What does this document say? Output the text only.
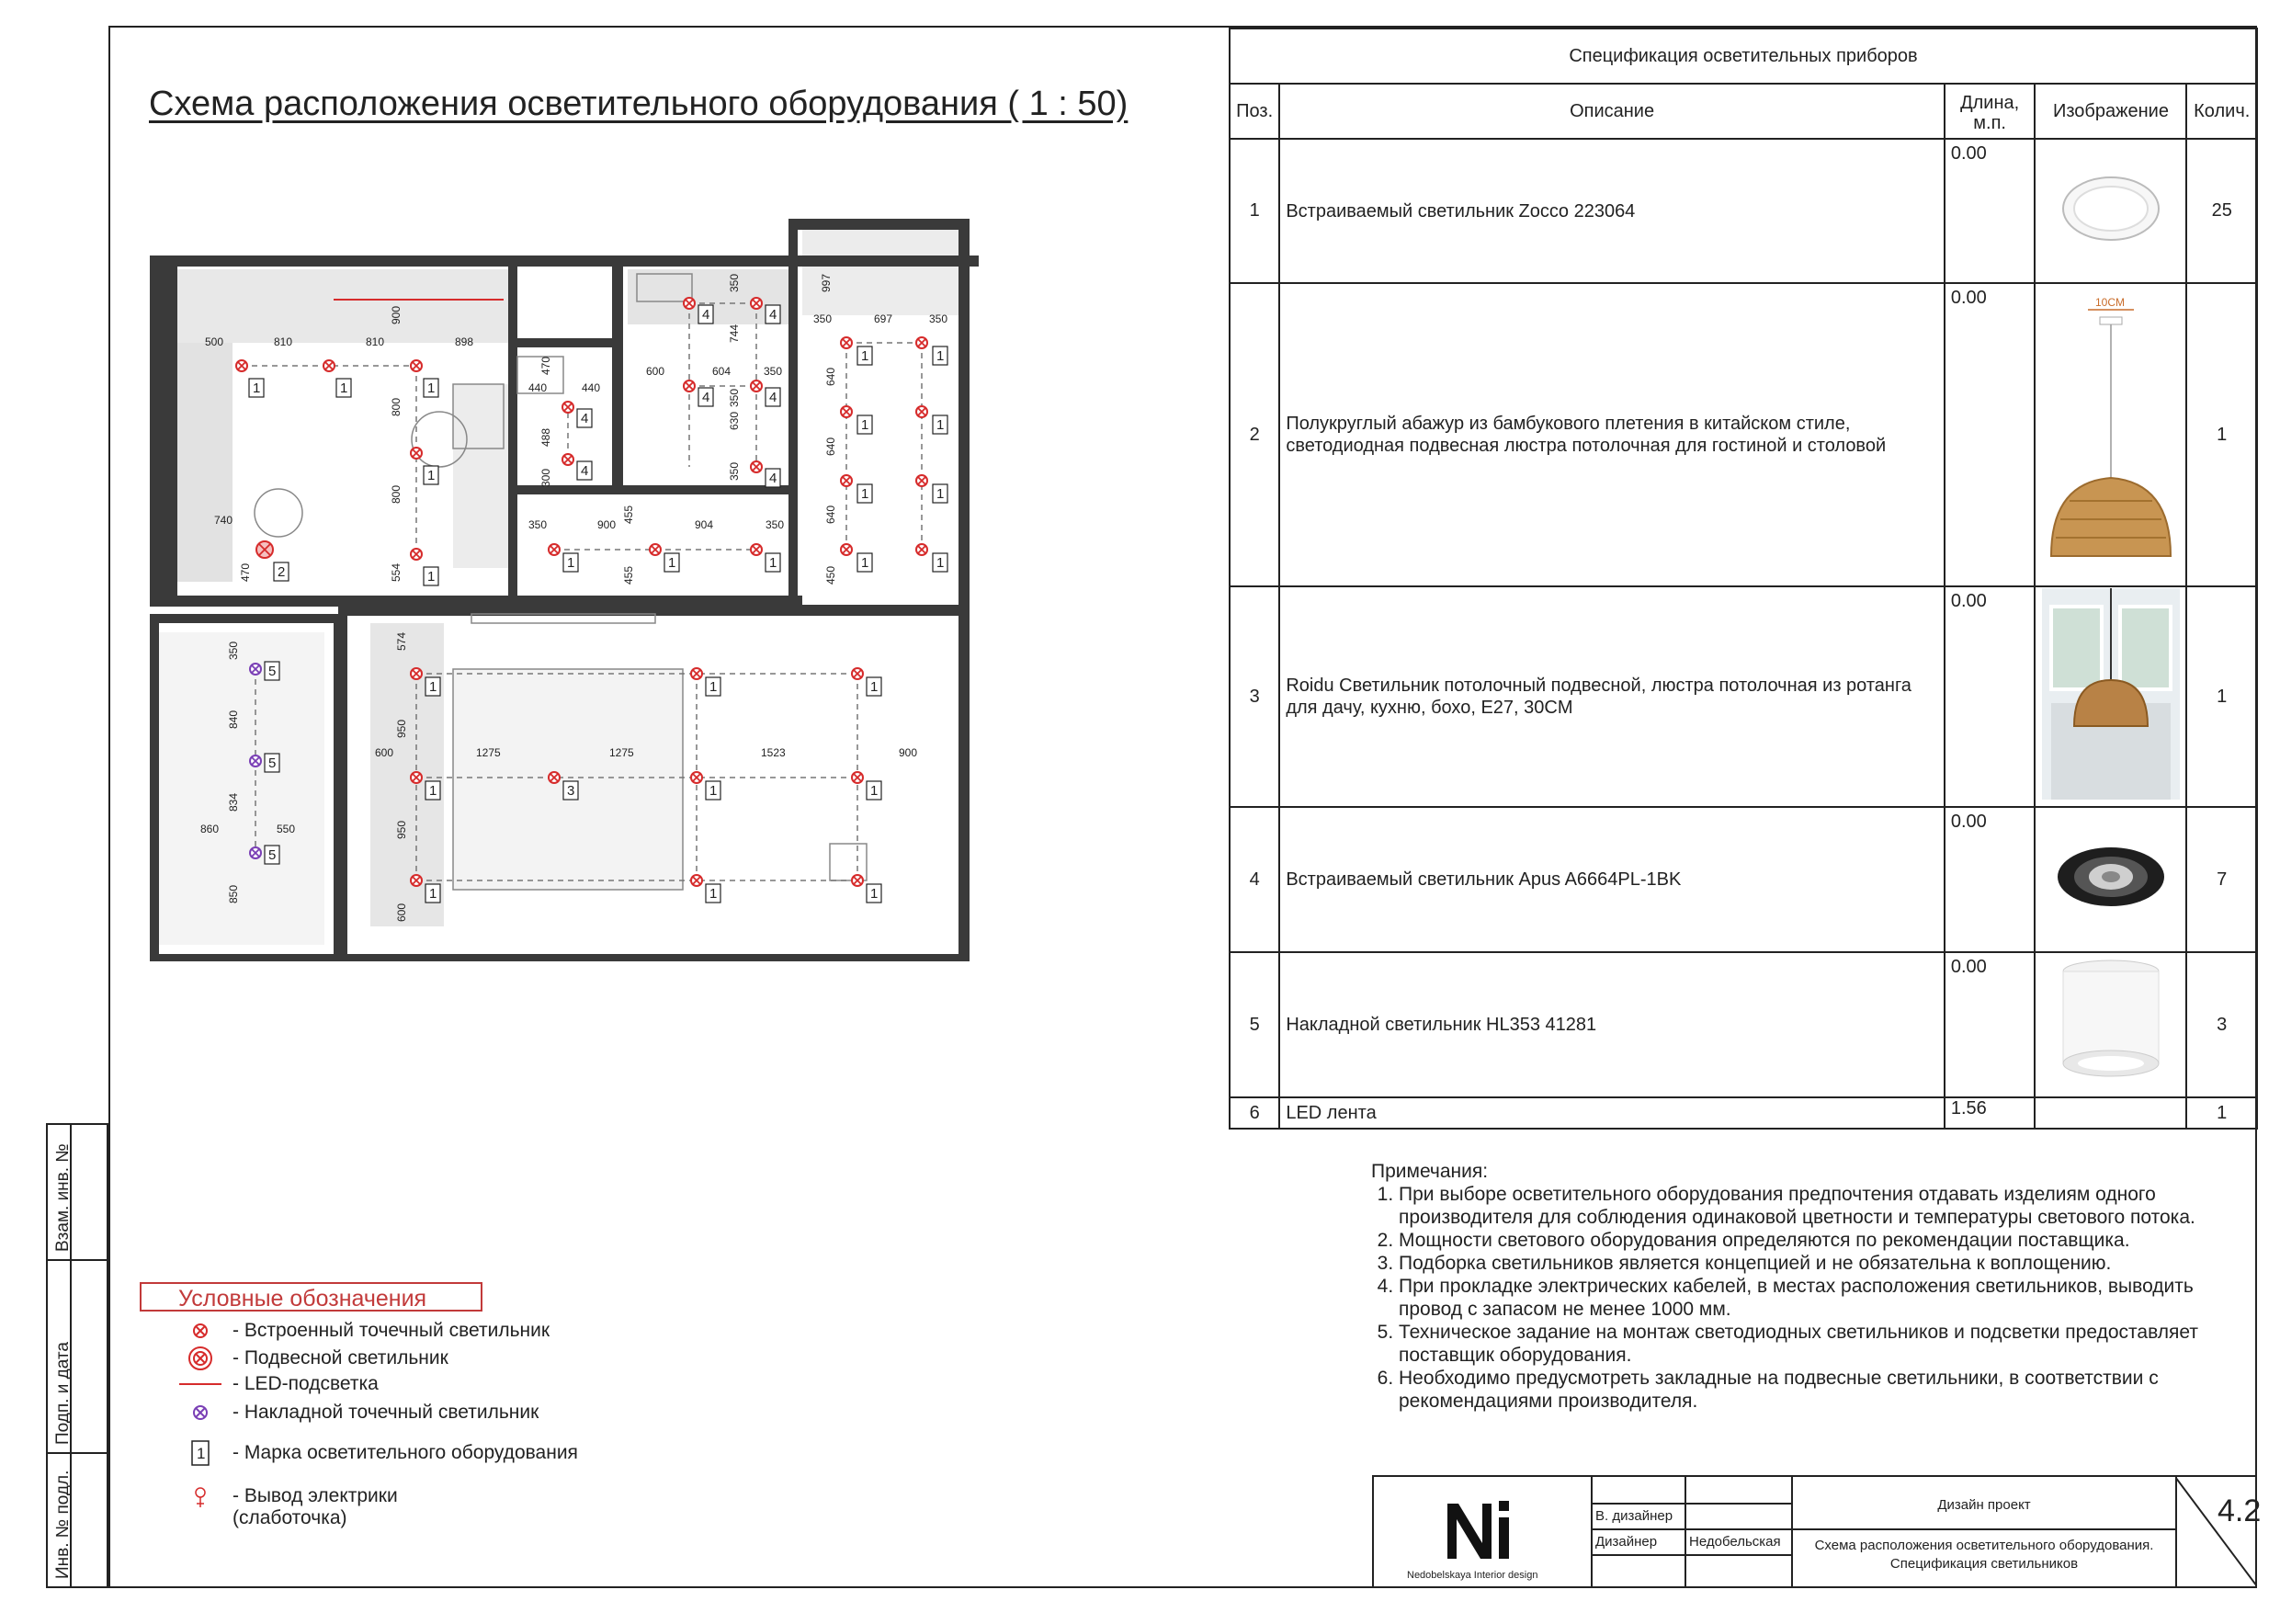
Взам. инв. №
Подп. и дата
Инв. № подл.
Схема расположения осветительного оборудования ( 1 : 50)
500	810	810	898
900
800
800
554
740
470
470
440	440
488
300
600	604	350
350
744
350
630
350
997
350	697	350
640
640
640
450
350	900
455
904	350
455
574
950
600	1275	1275	1523	900
950
600
350
840
834
860	550
850
1	1	1
1
1
2
4
4
4	4
4	4
4
1	1
1	1
1	1
1	1
1	1	1
1	1	1
1	3	1	1
1	1	1
5
5
5
Спецификация осветительных приборов				
Поз.	Описание	Длина, м.п.	Изображение	Колич.
1	Встраиваемый светильник Zocco 223064	0.00		25
2	Полукруглый абажур из бамбукового плетения в китайском стиле, светодиодная подвесная люстра потолочная для гостиной и столовой	0.00	10CM	1
3	Roidu Светильник потолочный подвесной, люстра потолочная из ротанга для дачу, кухню, бохо, E27, 30CM	0.00		1
4	Встраиваемый светильник Apus A6664PL-1BK	0.00		7
5	Накладной светильник HL353 41281	0.00		3
6	LED лента	1.56		1
Примечания:
1. При выборе осветительного оборудования предпочтения отдавать изделиям одного производителя для соблюдения одинаковой цветности и температуры светового потока.
2. Мощности светового оборудования определяются по рекомендации поставщика.
3. Подборка светильников является концепцией и не обязательна к воплощению.
4. При прокладке электрических кабелей, в местах расположения светильников, выводить провод с запасом не менее 1000 мм.
5. Техническое задание на монтаж светодиодных светильников и подсветки предоставляет поставщик оборудования.
6. Необходимо предусмотреть закладные на подвесные светильники, в соответствии с рекомендациями производителя.
Условные обозначения
- Встроенный точечный светильник
- Подвесной светильник
- LED-подсветка
- Накладной точечный светильник
1 - Марка осветительного оборудования
- Вывод электрики
(слаботочка)
Nedobelskaya Interior design
В. дизайнер
Дизайнер Недобельская
Дизайн проект
Схема расположения осветительного оборудования.
Спецификация светильников
4.2
